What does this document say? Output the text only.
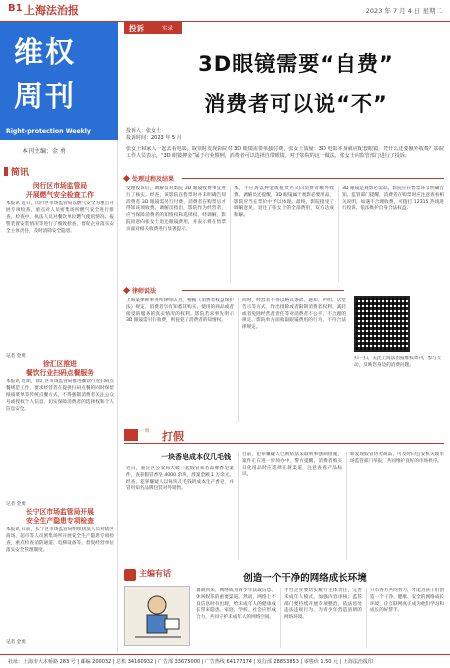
B1 上海法治报	2023 年 7 月 4 日 星期二
维权
周刊
Right-protection Weekly
本刊主编：金 勇
简讯
闵行区市场监管局
开展燃气安全检查工作
本报讯 近日，闵行区市场监管局以燃气安全为重点开展专项检查，重点对人员密集场所燃气安全进行排查。检查中，执法人员对餐饮单位燃气使用情况、报警装置安装情况等进行了细致检查，督促企业落实安全主体责任，及时消除安全隐患。
记者 金勇
徐汇区推进
餐饮行业扫码点餐服务
本报讯 近期，徐汇区市场监管局推进餐饮行业扫码点餐规范工作，要求经营者在提供扫码点餐的同时保留纸质菜单等传统点餐方式，不得强制消费者关注公众号或授权个人信息，切实保障消费者的选择权和个人信息安全。
记者 金勇
长宁区市场监管局开展
安全生产隐患专项检查
本报讯 日前，长宁区市场监管局组织执法人员对辖区商场、超市等人员密集场所开展安全生产隐患专项检查，重点检查消防通道、电梯设备等，督促经营单位落实安全管理制度。
记者 金勇
投诉	实录
3D眼镜需要“自费”
消费者可以说“不”
投诉人：张女士
投诉时间：2023 年 5 月
张女士和家人一起去看电影，取票时发现影院对 3D 眼镜需要单独付费，张女士质疑：3D 电影本身就应配套眼镜，凭什么还要额外收费？影院工作人员表示，“3D 眼镜押金”属于行业惯例，消费者可以选择自带眼镜。对于影院的这一做法，张女士向监管部门进行了投诉。
处理过程及结果
受理投诉后，调解员对影院 3D 眼镜收费事宜进行了核实。经查，该影院在售票时并未明确告知消费者 3D 眼镜需另行付费，消费者在购票后才得知该项收费。调解员指出，影院作为经营者，应当保障消费者的知情权和选择权。经调解，影院同意向张女士退还眼镜费用，并表示将在售票页面对相关收费进行显著提示。
本，不应再以押金或租赁名义向消费者额外收费。调解员还提醒，3D 眼镜属于观影必要用品，影院应当在票价中予以体现。最终，影院接受了调解意见，退还了张女士的全部费用，双方达成和解。
3D 眼镜是观影必需品，影院应在售票环节明确告知。监管部门提醒，消费者在购票时应注意查看相关说明，如遇不合理收费，可拨打 12315 热线进行投诉，依法维护自身合法权益。
律师说法
上海某律师事务所律师认为，根据《消费者权益保护法》规定，消费者享有知悉其购买、使用的商品或者接受的服务的真实情况的权利。影院若未事先明示 3D 眼镜需另行收费，则侵犯了消费者的知情权。
同时，经营者不得以格式条款、通知、声明、店堂告示等方式，作出排除或者限制消费者权利、减轻或者免除经营者责任等对消费者不公平、不合理的规定。影院单方面收取眼镜费用的行为，不符合法律规定。
扫一扫，关注上海法治报维权周刊，参与互动，反映您身边的消费问题。
一周 打假
一块香皂成本仅几毛钱
近日，嘉定区公安局大破一起假冒知名品牌香皂案件，查获假冒香皂 4000 余块，涉案金额 1 万余元。经查，犯罪嫌疑人以每块几毛钱的成本生产香皂，并冒用知名品牌包装对外销售。
目前，犯罪嫌疑人已被依法采取刑事强制措施，案件正在进一步侦办中。警方提醒，消费者购买日化用品时应选择正规渠道，注意查看产品标识。
如发现假冒伪劣商品，可及时向公安机关或市场监管部门举报，共同维护良好的市场秩序。
主编有话	创造一个干净的网络成长环境
暑期到来，网络成为青少年获取信息、休闲娱乐的重要渠道。然而，网络上不良信息时有出现，给未成年人的健康成长带来隐患。家庭、学校、社会应形成合力，共同守护未成年人的网络空间。
平台企业要切实履行主体责任，完善未成年人模式，加强内容审核；监管部门要持续开展专项整治，依法惩处违法违规行为，为青少年营造清朗的网络环境。
只有各方共同努力，才能为孩子们创造一个干净、健康、安全的网络成长环境，让互联网真正成为他们学习和成长的好帮手。
社址：上海市大木桥路 283 号 | 邮编 200032 | 总机 34160932 | 广告部 33675000 | 广告热线 64177374 | 发行部 28853853 | 零售价 1.50 元 | 上海法治报印
